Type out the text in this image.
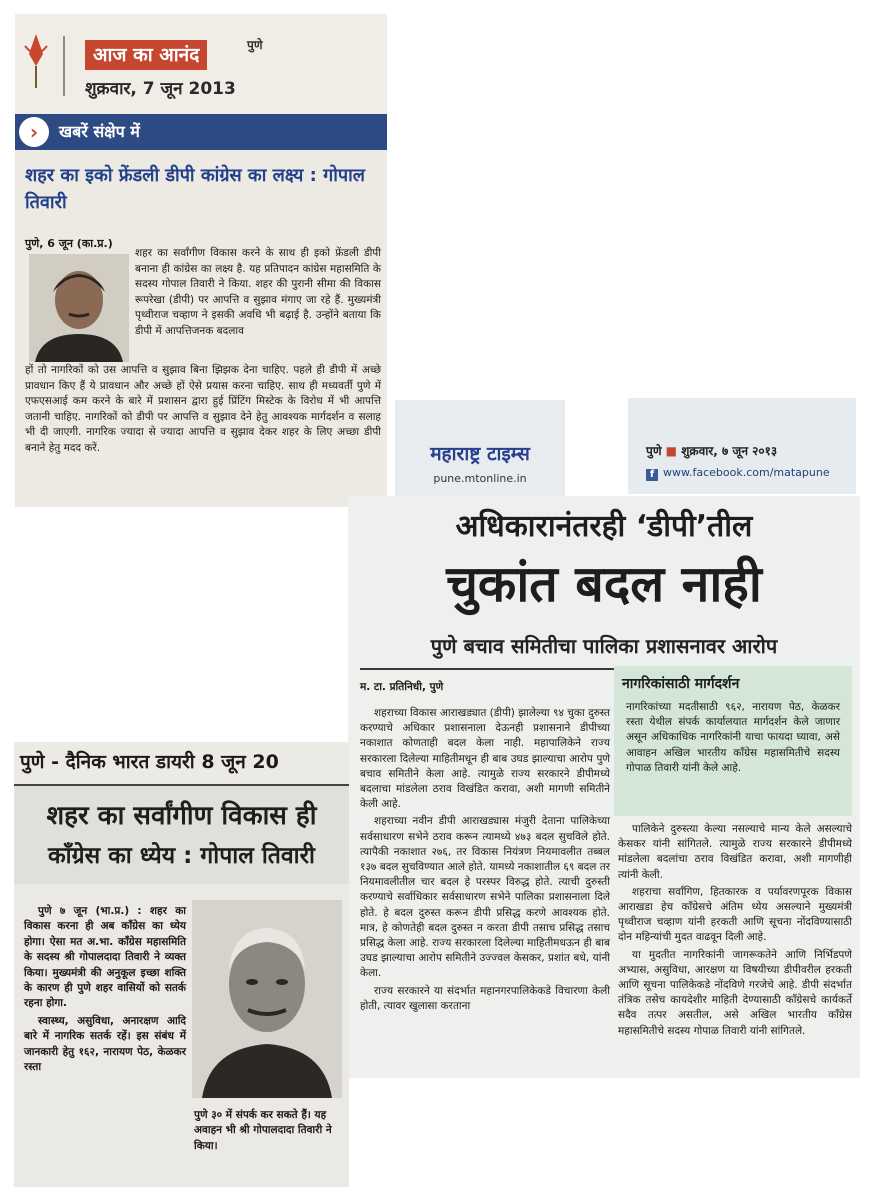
आज का आनंद	पुणे
शुक्रवार, 7 जून 2013
›	खबरें संक्षेप में
शहर का इको फ्रेंडली डीपी कांग्रेस का लक्ष्य : गोपाल तिवारी
पुणे, 6 जून (का.प्र.)
शहर का सर्वांगीण विकास करने के साथ ही इको फ्रेंडली डीपी बनाना ही कांग्रेस का लक्ष्य है. यह प्रतिपादन कांग्रेस महासमिति के सदस्य गोपाल तिवारी ने किया. शहर की पुरानी सीमा की विकास रूपरेखा (डीपी) पर आपत्ति व सुझाव मंगाए जा रहे हैं. मुख्यमंत्री पृथ्वीराज चव्हाण ने इसकी अवधि भी बढ़ाई है. उन्होंने बताया कि डीपी में आपत्तिजनक बदलाव
हों तो नागरिकों को उस आपत्ति व सुझाव बिना झिझक देना चाहिए. पहले ही डीपी में अच्छे प्रावधान किए हैं ये प्रावधान और अच्छे हों ऐसे प्रयास करना चाहिए. साथ ही मध्यवर्ती पुणे में एफएसआई कम करने के बारे में प्रशासन द्वारा हुई प्रिंटिंग मिस्टेक के विरोध में भी आपत्ति जतानी चाहिए. नागरिकों को डीपी पर आपत्ति व सुझाव देने हेतु आवश्यक मार्गदर्शन व सलाह भी दी जाएगी. नागरिक ज्यादा से ज्यादा आपत्ति व सुझाव देकर शहर के लिए अच्छा डीपी बनाने हेतु मदद करें.	महाराष्ट्र टाइम्स
pune.mtonline.in
पुणे ■ शुक्रवार, ७ जून २०१३
f www.facebook.com/matapune
अधिकारानंतरही ‘डीपी’तील
चुकांत बदल नाही
पुणे बचाव समितीचा पालिका प्रशासनावर आरोप
म. टा. प्रतिनिधी, पुणे

शहराच्या विकास आराखड्यात (डीपी) झालेल्या ९४ चुका दुरुस्त करण्याचे अधिकार प्रशासनाला देऊनही प्रशासनाने डीपीच्या नकाशात कोणताही बदल केला नाही. महापालिकेने राज्य सरकारला दिलेल्या माहितीमधून ही बाब उघड झाल्याचा आरोप पुणे बचाव समितीने केला आहे. त्यामुळे राज्य सरकारने डीपीमध्ये बदलाचा मांडलेला ठराव विखंडित करावा, अशी मागणी समितीने केली आहे.

शहराच्या नवीन डीपी आराखड्यास मंजुरी देताना पालिकेच्या सर्वसाधारण सभेने ठराव करून त्यामध्ये ४७३ बदल सुचविले होते. त्यापैकी नकाशात २७६, तर विकास नियंत्रण नियमावलीत तब्बल १३७ बदल सुचविण्यात आले होते. यामध्ये नकाशातील ६९ बदल तर नियमावलीतील चार बदल हे परस्पर विरुद्ध होते. त्याची दुरुस्ती करण्याचे सर्वाधिकार सर्वसाधारण सभेने पालिका प्रशासनाला दिले होते. हे बदल दुरुस्त करून डीपी प्रसिद्ध करणे आवश्यक होते. मात्र, हे कोणतेही बदल दुरुस्त न करता डीपी तसाच प्रसिद्ध तसाच प्रसिद्ध केला आहे. राज्य सरकारला दिलेल्या माहितीमधऊन ही बाब उघड झाल्याचा आरोप समितीने उज्ज्वल केसकर, प्रशांत बधे, यांनी केला.

राज्य सरकारने या संदर्भात महानगरपालिकेकडे विचारणा केली होती, त्यावर खुलासा करताना

नागरिकांसाठी मार्गदर्शन
नागरिकांच्या मदतीसाठी ९६२, नारायण पेठ, केळकर रस्ता येथील संपर्क कार्यालयात मार्गदर्शन केले जाणार असून अधिकाधिक नागरिकांनी याचा फायदा घ्यावा, असे आवाहन अखिल भारतीय काँग्रेस महासमितीचे सदस्य गोपाळ तिवारी यांनी केले आहे.

पालिकेने दुरुस्त्या केल्या नसल्याचे मान्य केले असल्याचे केसकर यांनी सांगितले. त्यामुळे राज्य सरकारने डीपीमध्ये मांडलेला बदलांचा ठराव विखंडित करावा, अशी मागणीही त्यांनी केली.

शहराचा सर्वांगिण, हितकारक व पर्यावरणपूरक विकास आराखडा हेच काँग्रेसचे अंतिम ध्येय असल्याने मुख्यमंत्री पृथ्वीराज चव्हाण यांनी हरकती आणि सूचना नोंदविण्यासाठी दोन महिन्यांची मुदत वाढवून दिली आहे.

या मुदतीत नागरिकांनी जागरूकतेने आणि निर्भिडपणे अभ्यास, असुविधा, आरक्षण या विषयीच्या डीपीवरील हरकती आणि सूचना पालिकेकडे नोंदविणे गरजेचे आहे. डीपी संदर्भात तंत्रिक तसेच कायदेशीर माहिती देण्यासाठी काँग्रेसचे कार्यकर्ते सदैव तत्पर असतील, असे अखिल भारतीय काँग्रेस महासमितीचे सदस्य गोपाळ तिवारी यांनी सांगितले.

पुणे - दैनिक भारत डायरी 8 जून 20
शहर का सर्वांगीण विकास ही
कॉंग्रेस का ध्येय : गोपाल तिवारी

पुणे ७ जून (भा.प्र.) : शहर का विकास करना ही अब कॉंग्रेस का ध्येय होगा। ऐसा मत अ.भा. कॉंग्रेस महासमिति के सदस्य श्री गोपालदादा तिवारी ने व्यक्त किया। मुख्यमंत्री की अनुकूल इच्छा शक्ति के कारण ही पुणे शहर वासियों को सतर्क रहना होगा.

स्वास्थ्य, असुविधा, अनारक्षण आदि बारे में नागरिक सतर्क रहें। इस संबंध में जानकारी हेतु १६२, नारायण पेठ, केळकर रस्ता

पुणे ३० में संपर्क कर सकते हैं। यह अवाहन भी श्री गोपालदादा तिवारी ने किया।
